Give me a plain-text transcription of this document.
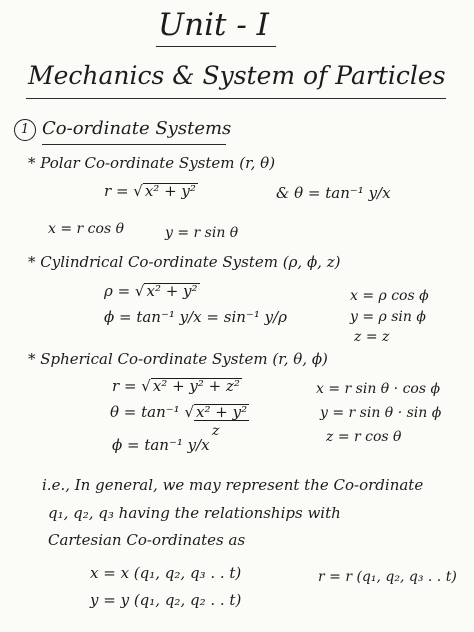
Unit - I
Mechanics & System of Particles
1 Co-ordinate Systems
* Polar Co-ordinate System (r, θ)
r = √ x² + y²	& θ = tan⁻¹ y/x
x = r cos θ	y = r sin θ
* Cylindrical Co-ordinate System (ρ, ϕ, z)
ρ = √ x² + y²
ϕ = tan⁻¹ y/x = sin⁻¹ y/ρ
x = ρ cos ϕ
y = ρ sin ϕ
z = z
* Spherical Co-ordinate System (r, θ, ϕ)
r = √ x² + y² + z²
θ = tan⁻¹ √ x² + y²
z
ϕ = tan⁻¹ y/x
x = r sin θ · cos ϕ
y = r sin θ · sin ϕ
z = r cos θ
i.e., In general, we may represent the Co-ordinate
q₁, q₂, q₃ having the relationships with
Cartesian Co-ordinates as
x = x (q₁, q₂, q₃ . . t)
y = y (q₁, q₂, q₂ . . t)
r = r (q₁, q₂, q₃ . . t)
